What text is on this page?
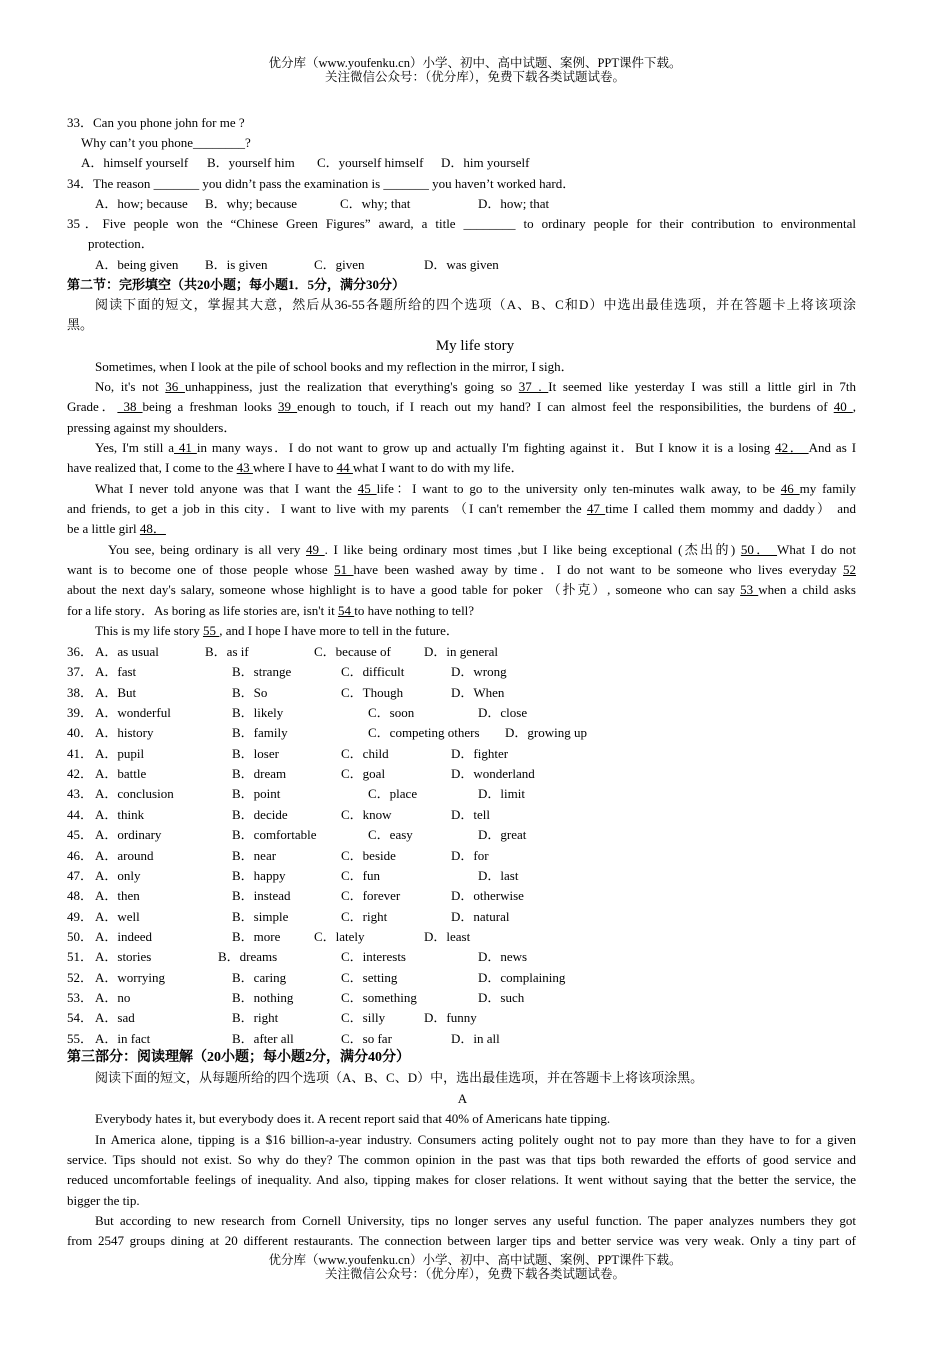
优分库（www.youfenku.cn）小学、初中、高中试题、案例、PPT课件下载。
关注微信公众号：（优分库），免费下载各类试题试卷。
33．Can you phone john for me ?
Why can’t you phone________?
A．himself yourself B．yourself him C．yourself himself D．him yourself
34．The reason _______ you didn’t pass the examination is _______ you haven’t worked hard．
A．how; because B．why; because	C．why; that	D．how; that
35．Five people won the “Chinese Green Figures” award, a title ________ to ordinary people for their contribution to environmental
protection．
A．being given B．is given	C．given	D．was given
第二节：完形填空（共20小题；每小题1．5分，满分30分）
阅读下面的短文，掌握其大意，然后从36-55各题所给的四个选项（A、B、C和D）中选出最佳选项，并在答题卡上将该项涂
黑。
My life story
Sometimes, when I look at the pile of school books and my reflection in the mirror, I sigh．
No, it's not 36 unhappiness, just the realization that everything's going so 37 . It seemed like yesterday I was still a little girl in 7th
Grade． 38 being a freshman looks 39 enough to touch, if I reach out my hand? I can almost feel the responsibilities, the burdens of 40 ,
pressing against my shoulders．
Yes, I'm still a 41 in many ways．I do not want to grow up and actually I'm fighting against it．But I know it is a losing 42． And as I
have realized that, I come to the 43 where I have to 44 what I want to do with my life．
What I never told anyone was that I want the 45 life：I want to go to the university only ten-minutes walk away, to be 46 my family
and friends, to get a job in this city．I want to live with my parents （I can't remember the 47 time I called them mommy and daddy） and
be a little girl 48．
You see, being ordinary is all very 49 . I like being ordinary most times ,but I like being exceptional (杰出的) 50． What I do not
want is to become one of those people whose 51 have been washed away by time．I do not want to be someone who lives everyday 52
about the next day's salary, someone whose highlight is to have a good table for poker （扑克）, someone who can say 53 when a child asks
for a life story．As boring as life stories are, isn't it 54 to have nothing to tell?
This is my life story 55 , and I hope I have more to tell in the future．
36． A．as usual	B．as if	C．because of	D．in general
37． A．fast	B．strange	C．difficult	D．wrong
38． A．But	B．So	C．Though	D．When
39． A．wonderful	B．likely	C．soon	D．close
40． A．history	B．family	C．competing others D．growing up
41． A．pupil	B．loser	C．child	D．fighter
42． A．battle	B．dream	C．goal	D．wonderland
43． A．conclusion	B．point	C．place	D．limit
44． A．think	B．decide	C．know	D．tell
45． A．ordinary	B．comfortable	C．easy	D．great
46． A．around	B．near	C．beside	D．for
47． A．only	B．happy	C．fun	D．last
48． A．then	B．instead	C．forever	D．otherwise
49． A．well	B．simple	C．right	D．natural
50． A．indeed	B．more	C．lately	D．least
51． A．stories	B．dreams	C．interests	D．news
52． A．worrying	B．caring	C．setting	D．complaining
53． A．no	B．nothing	C．something	D．such
54． A．sad	B．right	C．silly	D．funny
55． A．in fact	B．after all	C．so far	D．in all
第三部分：阅读理解（20小题；每小题2分，满分40分）
阅读下面的短文，从每题所给的四个选项（A、B、C、D）中，选出最佳选项，并在答题卡上将该项涂黑。
A
Everybody hates it, but everybody does it. A recent report said that 40% of Americans hate tipping.
In America alone, tipping is a $16 billion-a-year industry. Consumers acting politely ought not to pay more than they have to for a given
service. Tips should not exist. So why do they? The common opinion in the past was that tips both rewarded the efforts of good service and
reduced uncomfortable feelings of inequality. And also, tipping makes for closer relations. It went without saying that the better the service, the
bigger the tip.
But according to new research from Cornell University, tips no longer serves any useful function. The paper analyzes numbers they got
from 2547 groups dining at 20 different restaurants. The connection between larger tips and better service was very weak. Only a tiny part of
优分库（www.youfenku.cn）小学、初中、高中试题、案例、PPT课件下载。
关注微信公众号：（优分库），免费下载各类试题试卷。
